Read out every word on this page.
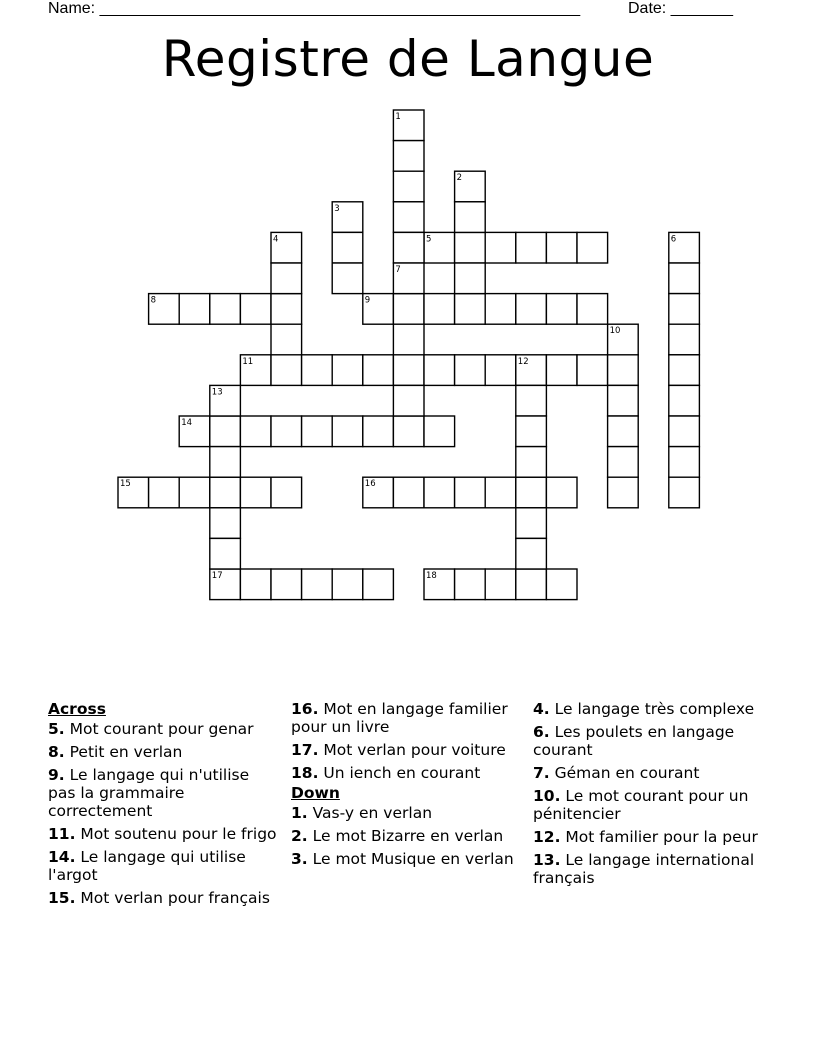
Name: ______________________________________________________	Date: _______
Registre de Langue
1
2
3
4	5	6
7
8	9
10
11	12
13
14
15	16
17	18
Across
5. Mot courant pour genar
8. Petit en verlan
9. Le langage qui n'utilise pas la grammaire correctement
11. Mot soutenu pour le frigo
14. Le langage qui utilise l'argot
15. Mot verlan pour français
16. Mot en langage familier pour un livre
17. Mot verlan pour voiture
18. Un iench en courant
Down
1. Vas-y en verlan
2. Le mot Bizarre en verlan
3. Le mot Musique en verlan
4. Le langage très complexe
6. Les poulets en langage courant
7. Géman en courant
10. Le mot courant pour un pénitencier
12. Mot familier pour la peur
13. Le langage international français
